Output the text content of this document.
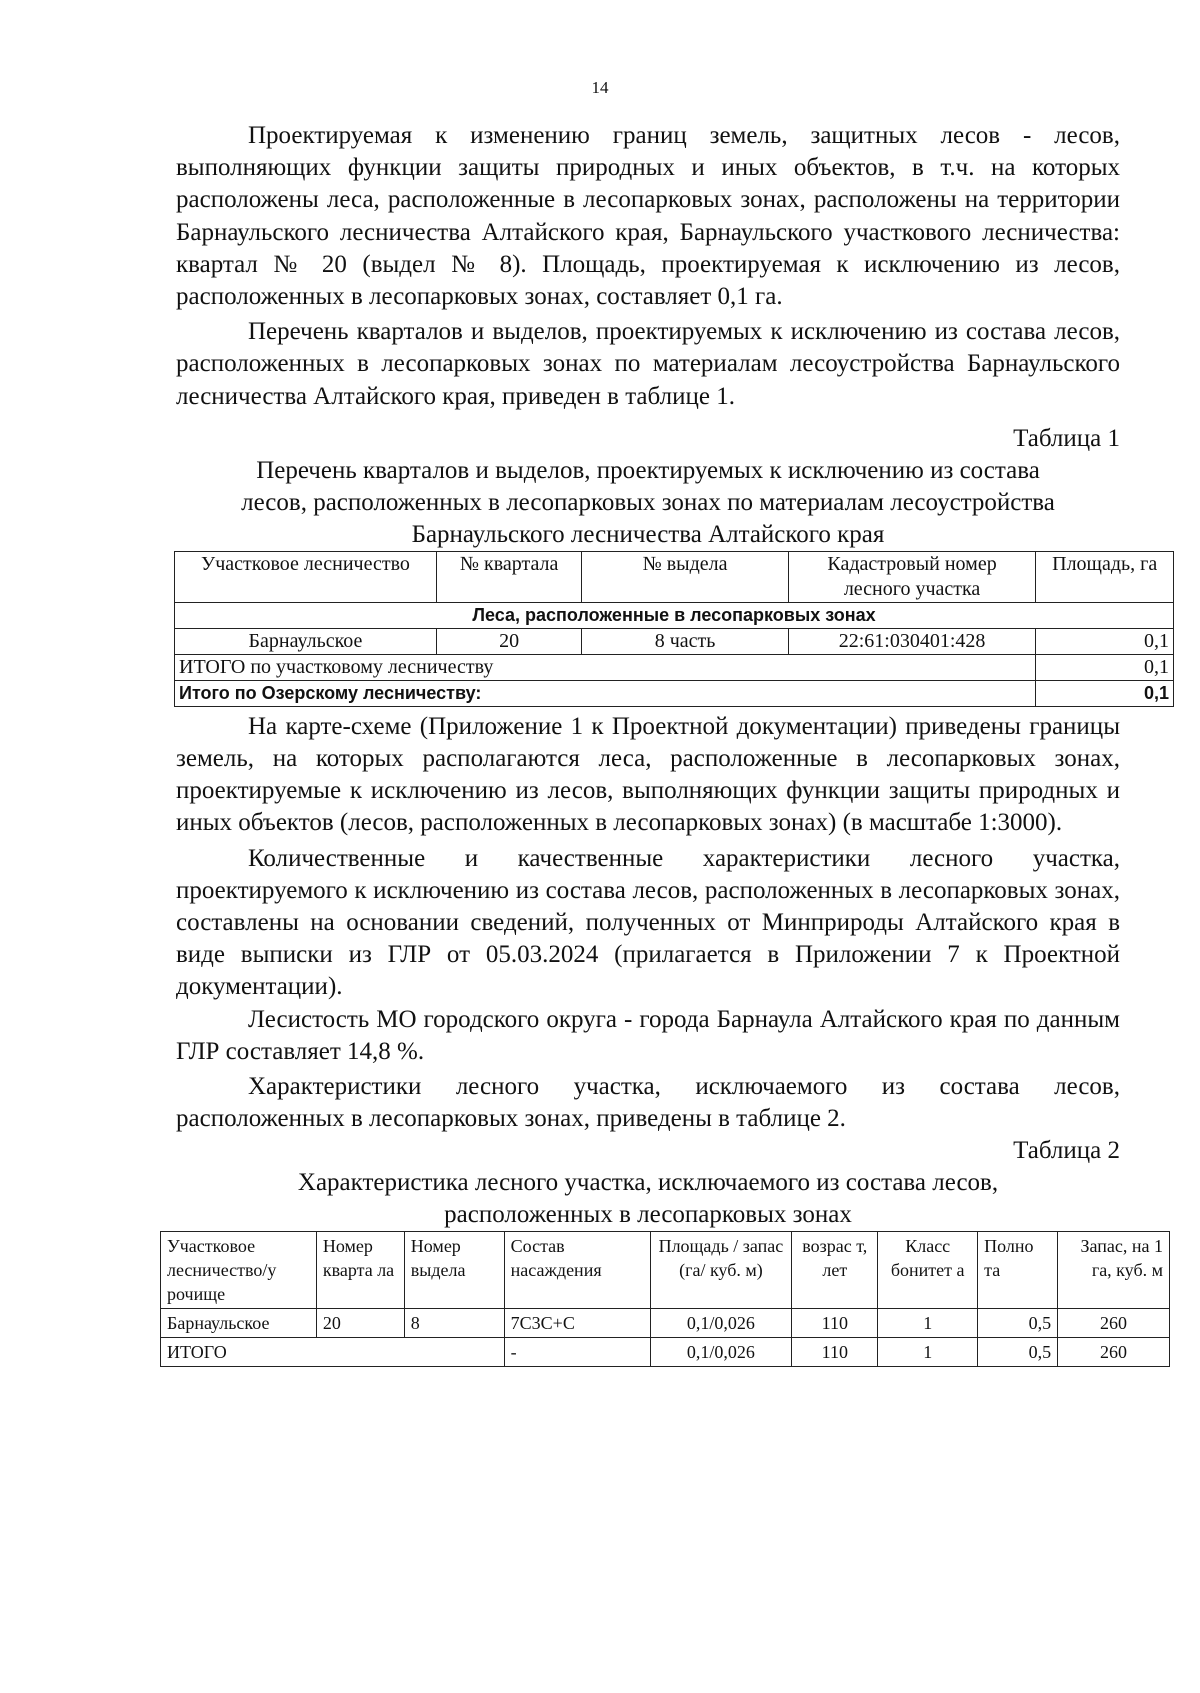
14

Проектируемая к изменению границ земель, защитных лесов - лесов, выполняющих функции защиты природных и иных объектов, в т.ч. на которых расположены леса, расположенные в лесопарковых зонах, расположены на территории Барнаульского лесничества Алтайского края, Барнаульского участкового лесничества: квартал № 20 (выдел № 8). Площадь, проектируемая к исключению из лесов, расположенных в лесопарковых зонах, составляет 0,1 га.

Перечень кварталов и выделов, проектируемых к исключению из состава лесов, расположенных в лесопарковых зонах по материалам лесоустройства Барнаульского лесничества Алтайского края, приведен в таблице 1.

Таблица 1
Перечень кварталов и выделов, проектируемых к исключению из состава лесов, расположенных в лесопарковых зонах по материалам лесоустройства Барнаульского лесничества Алтайского края
Участковое лесничество	№ квартала	№ выдела	Кадастровый номер лесного участка	Площадь, га
Леса, расположенные в лесопарковых зонах				
Барнаульское	20	8 часть	22:61:030401:428	0,1
ИТОГО по участковому лесничеству				0,1
Итого по Озерскому лесничеству:				0,1

На карте-схеме (Приложение 1 к Проектной документации) приведены границы земель, на которых располагаются леса, расположенные в лесопарковых зонах, проектируемые к исключению из лесов, выполняющих функции защиты природных и иных объектов (лесов, расположенных в лесопарковых зонах) (в масштабе 1:3000).

Количественные и качественные характеристики лесного участка, проектируемого к исключению из состава лесов, расположенных в лесопарковых зонах, составлены на основании сведений, полученных от Минприроды Алтайского края в виде выписки из ГЛР от 05.03.2024 (прилагается в Приложении 7 к Проектной документации).

Лесистость МО городского округа - города Барнаула Алтайского края по данным ГЛР составляет 14,8 %.

Характеристики лесного участка, исключаемого из состава лесов, расположенных в лесопарковых зонах, приведены в таблице 2.

Таблица 2
Характеристика лесного участка, исключаемого из состава лесов, расположенных в лесопарковых зонах
Участковое лесничество/у рочище	Номер кварта ла	Номер выдела	Состав насаждения	Площадь / запас (га/ куб. м)	возрас т, лет	Класс бонитет а	Полно та	Запас, на 1 га, куб. м
Барнаульское	20	8	7С3С+С	0,1/0,026	110	1	0,5	260
ИТОГО			-	0,1/0,026	110	1	0,5	260
